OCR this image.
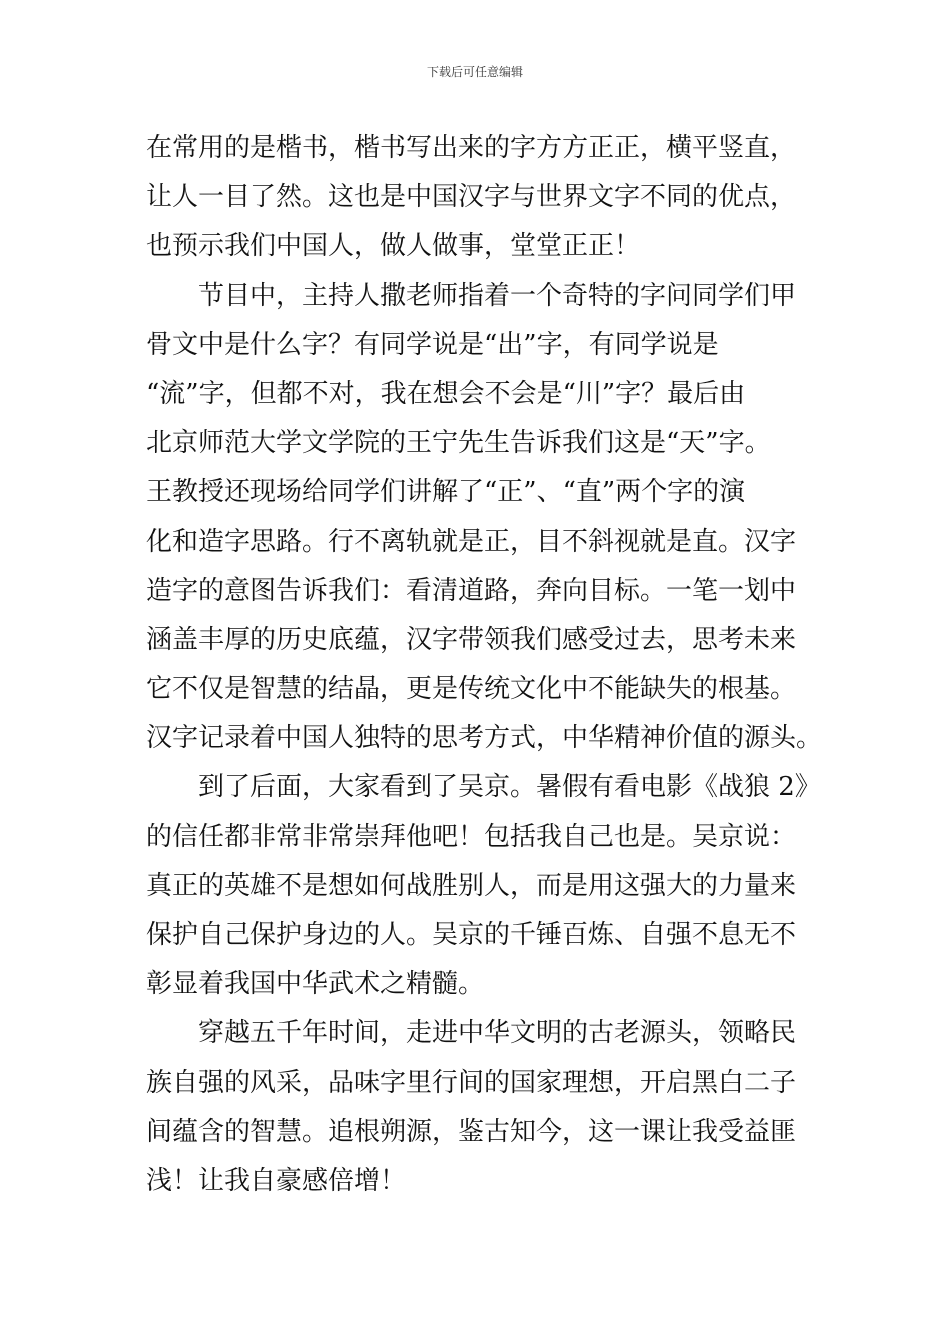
下载后可任意编辑
在常用的是楷书，楷书写出来的字方方正正，横平竖直，
让人一目了然。这也是中国汉字与世界文字不同的优点，
也预示我们中国人，做人做事，堂堂正正！
　　节目中，主持人撒老师指着一个奇特的字问同学们甲
骨文中是什么字？有同学说是“出”字，有同学说是
“流”字，但都不对，我在想会不会是“川”字？最后由
北京师范大学文学院的王宁先生告诉我们这是“天”字。
王教授还现场给同学们讲解了“正”、“直”两个字的演
化和造字思路。行不离轨就是正，目不斜视就是直。汉字
造字的意图告诉我们：看清道路，奔向目标。一笔一划中
涵盖丰厚的历史底蕴，汉字带领我们感受过去，思考未来
它不仅是智慧的结晶，更是传统文化中不能缺失的根基。
汉字记录着中国人独特的思考方式，中华精神价值的源头。
　　到了后面，大家看到了吴京。暑假有看电影《战狼 2》
的信任都非常非常崇拜他吧！包括我自己也是。吴京说：
真正的英雄不是想如何战胜别人，而是用这强大的力量来
保护自己保护身边的人。吴京的千锤百炼、自强不息无不
彰显着我国中华武术之精髓。
　　穿越五千年时间，走进中华文明的古老源头，领略民
族自强的风采，品味字里行间的国家理想，开启黑白二子
间蕴含的智慧。追根朔源，鉴古知今，这一课让我受益匪
浅！让我自豪感倍增！
